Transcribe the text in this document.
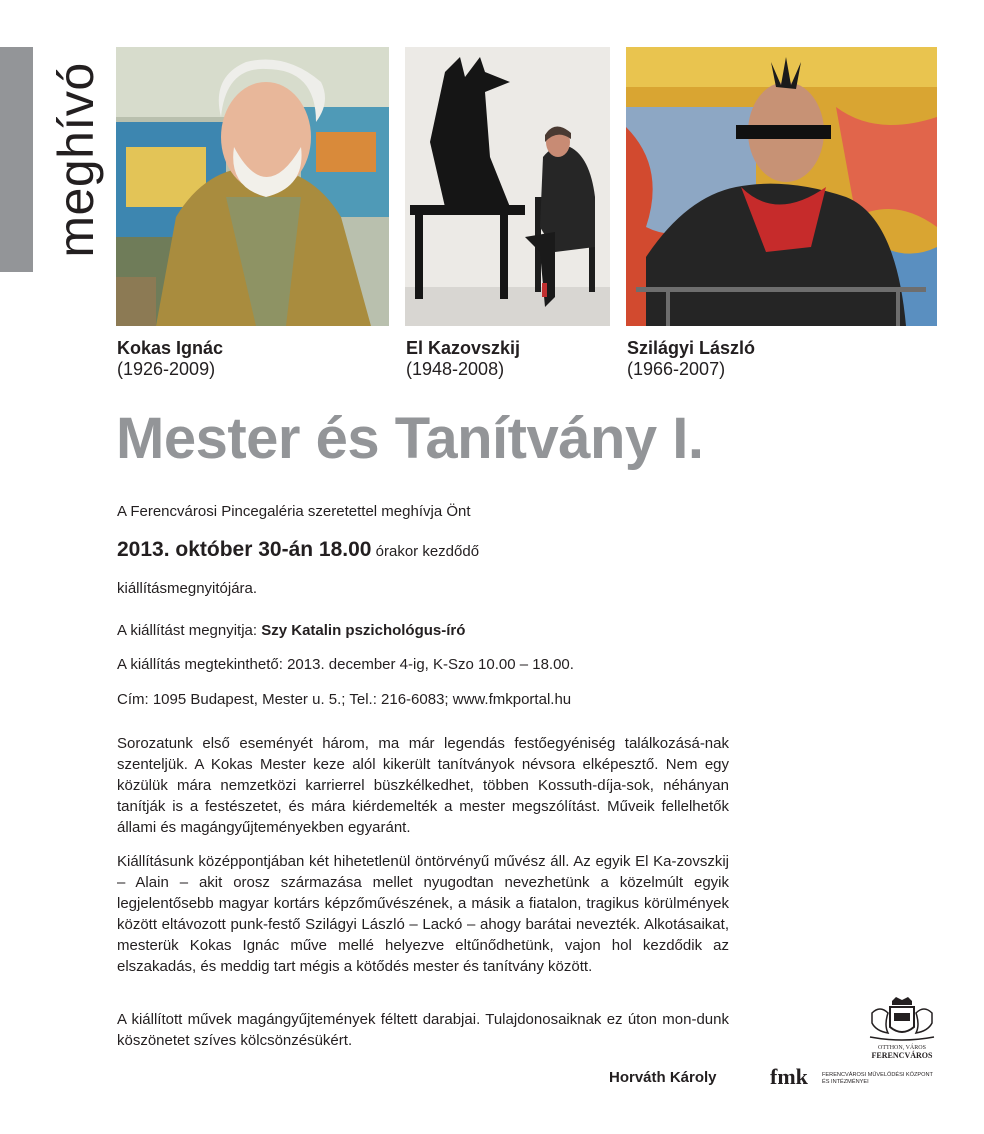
meghívó
Kokas Ignác
(1926-2009)
El Kazovszkij
(1948-2008)
Szilágyi László
(1966-2007)
Mester és Tanítvány I.
A Ferencvárosi Pincegaléria szeretettel meghívja Önt
2013. október 30-án 18.00 órakor kezdődő
kiállításmegnyitójára.
A kiállítást megnyitja: Szy Katalin pszichológus-író
A kiállítás megtekinthető: 2013. december 4-ig, K-Szo 10.00 – 18.00.
Cím: 1095 Budapest, Mester u. 5.; Tel.: 216-6083; www.fmkportal.hu
Sorozatunk első eseményét három, ma már legendás festőegyéniség találkozásá-nak szenteljük. A Kokas Mester keze alól kikerült tanítványok névsora elképesztő. Nem egy közülük mára nemzetközi karrierrel büszkélkedhet, többen Kossuth-díja-sok, néhányan tanítják is a festészetet, és mára kiérdemelték a mester megszólítást. Műveik fellelhetők állami és magángyűjteményekben egyaránt.
Kiállításunk középpontjában két hihetetlenül öntörvényű művész áll. Az egyik El Ka-zovszkij – Alain – akit orosz származása mellet nyugodtan nevezhetünk a közelmúlt egyik legjelentősebb magyar kortárs képzőművészének, a másik a fiatalon, tragikus körülmények között eltávozott punk-festő Szilágyi László – Lackó – ahogy barátai nevezték. Alkotásaikat, mesterük Kokas Ignác műve mellé helyezve eltűnődhetünk, vajon hol kezdődik az elszakadás, és meddig tart mégis a kötődés mester és tanítvány között.
A kiállított művek magángyűjtemények féltett darabjai. Tulajdonosaiknak ez úton mon-dunk köszönetet szíves kölcsönzésükért.
Horváth Károly
OTTHON, VÁROS
FERENCVÁROS
fmk	FERENCVÁROSI MŰVELŐDÉSI KÖZPONT
ÉS INTÉZMÉNYEI
